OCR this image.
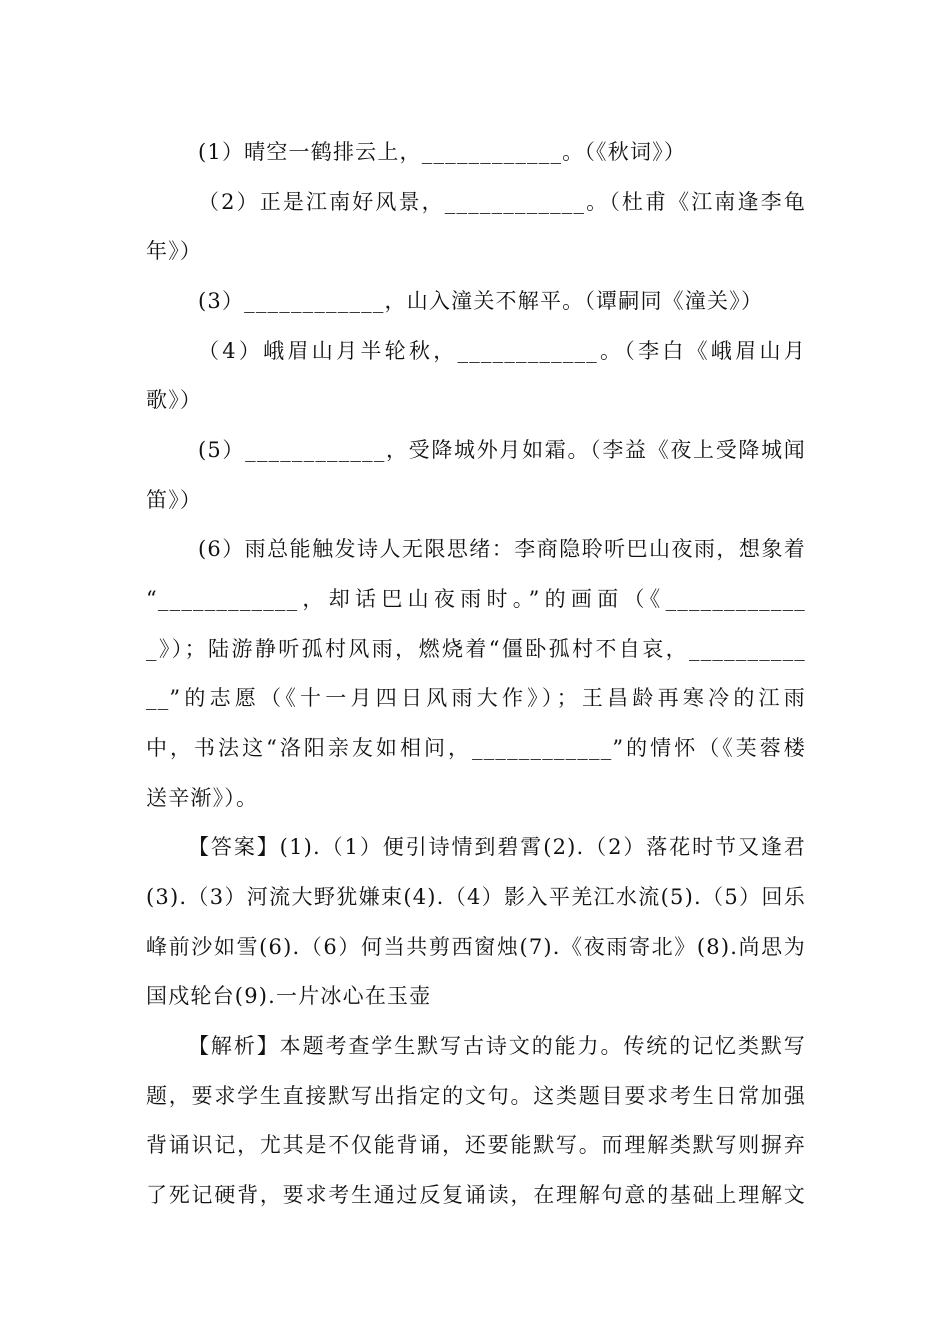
(1）晴空一鹤排云上，____________。（《秋词》）
（2）正是江南好风景，____________。（杜甫《江南逢李龟
年》）
(3）____________，山入潼关不解平。（谭嗣同《潼关》）
（4）峨眉山月半轮秋，____________。（李白《峨眉山月
歌》）
(5）____________，受降城外月如霜。（李益《夜上受降城闻
笛》）
(6）雨总能触发诗人无限思绪：李商隐聆听巴山夜雨，想象着
“____________，却话巴山夜雨时。”的画面（《____________
_》）；陆游静听孤村风雨，燃烧着“僵卧孤村不自哀，__________
__”的志愿（《十一月四日风雨大作》）；王昌龄再寒冷的江雨
中，书法这“洛阳亲友如相问，____________”的情怀（《芙蓉楼
送辛渐》）。
【答案】(1).（1）便引诗情到碧霄(2).（2）落花时节又逢君
(3).（3）河流大野犹嫌束(4).（4）影入平羌江水流(5).（5）回乐
峰前沙如雪(6).（6）何当共剪西窗烛(7).《夜雨寄北》(8).尚思为
国戍轮台(9).一片冰心在玉壶
【解析】本题考查学生默写古诗文的能力。传统的记忆类默写
题，要求学生直接默写出指定的文句。这类题目要求考生日常加强
背诵识记，尤其是不仅能背诵，还要能默写。而理解类默写则摒弃
了死记硬背，要求考生通过反复诵读，在理解句意的基础上理解文
